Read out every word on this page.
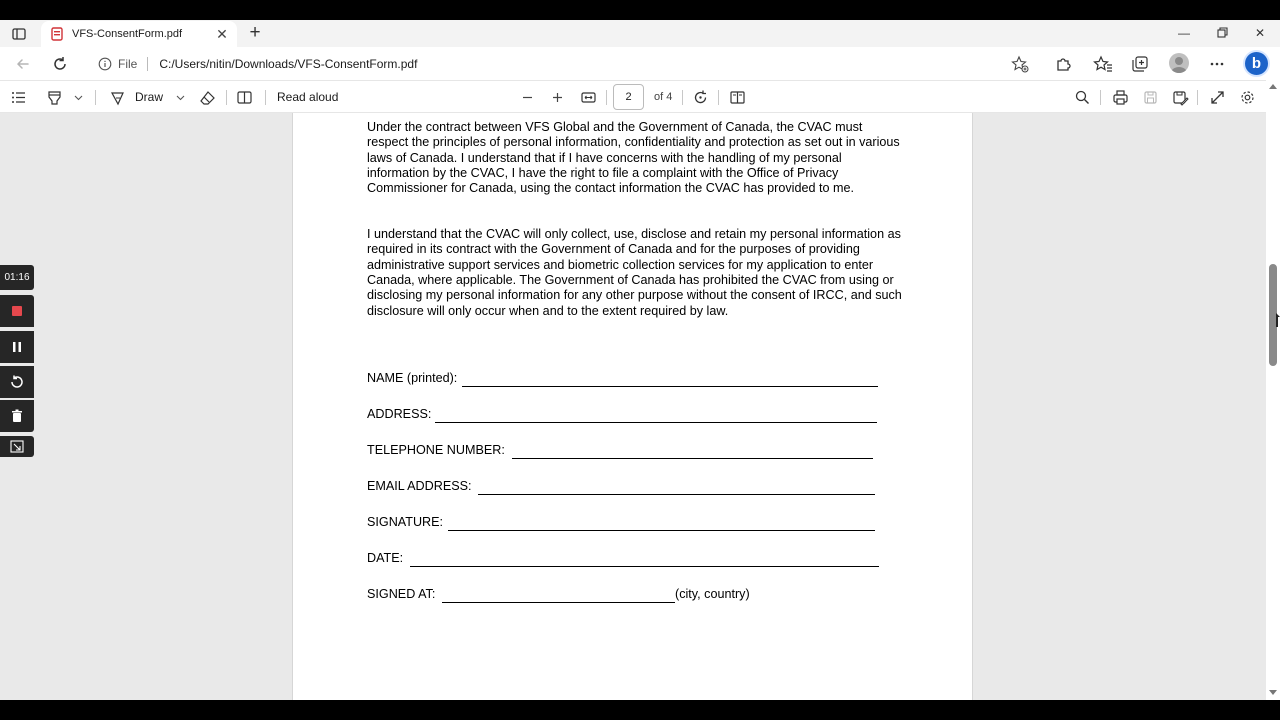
VFS-ConsentForm.pdf	✕ +	—	✕
File C:/Users/nitin/Downloads/VFS-ConsentForm.pdf	b
Draw	Read aloud	2	of 4
Under the contract between VFS Global and the Government of Canada, the CVAC must respect the principles of personal information, confidentiality and protection as set out in various laws of Canada. I understand that if I have concerns with the handling of my personal information by the CVAC, I have the right to file a complaint with the Office of Privacy Commissioner for Canada, using the contact information the CVAC has provided to me.
I understand that the CVAC will only collect, use, disclose and retain my personal information as required in its contract with the Government of Canada and for the purposes of providing administrative support services and biometric collection services for my application to enter Canada, where applicable. The Government of Canada has prohibited the CVAC from using or disclosing my personal information for any other purpose without the consent of IRCC, and such disclosure will only occur when and to the extent required by law.
NAME (printed):
ADDRESS:
TELEPHONE NUMBER:
EMAIL ADDRESS:
SIGNATURE:
DATE:
SIGNED AT:	(city, country)
01:16
